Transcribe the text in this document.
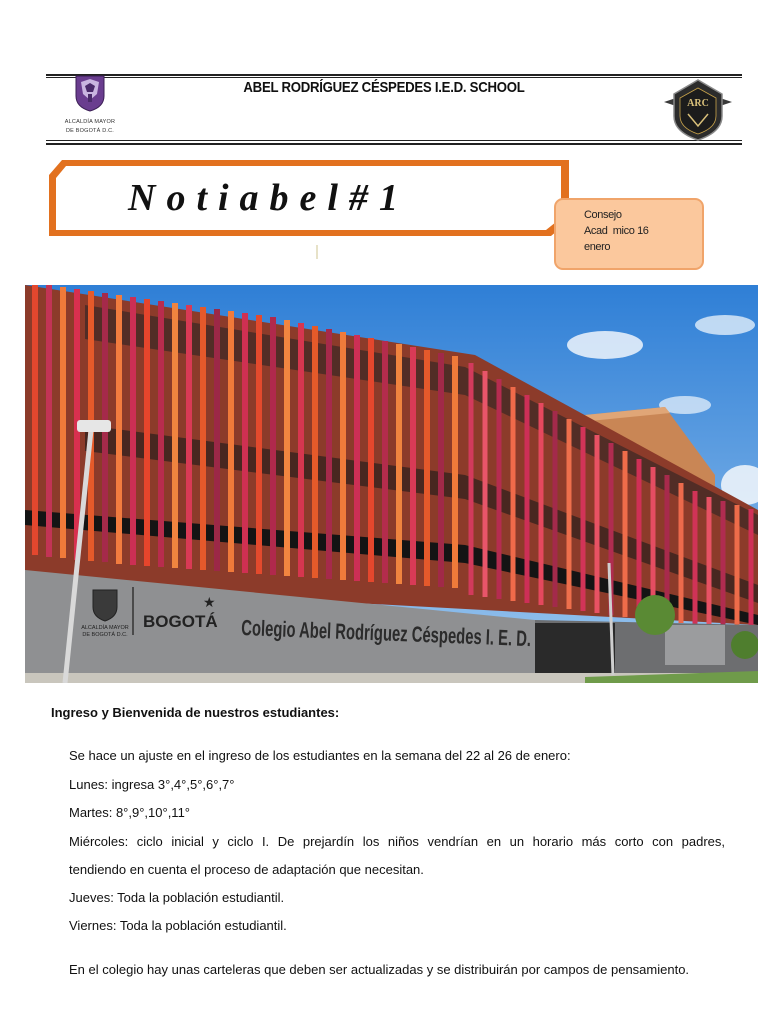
ALCALDÍA MAYOR
DE BOGOTÁ D.C.
ABEL RODRÍGUEZ CÉSPEDES I.E.D. SCHOOL
ARC
Notiabel#1	Consejo
Acad  mico 16
enero
ALCALDÍA MAYOR
DE BOGOTÁ D.C.
BOGOTÁ
★
Colegio Abel Rodríguez Céspedes I. E. D.
Ingreso y Bienvenida de nuestros estudiantes:
Se hace un ajuste en el ingreso de los estudiantes en la semana del 22 al 26 de enero:
Lunes: ingresa 3°,4°,5°,6°,7°
Martes: 8°,9°,10°,11°
Miércoles: ciclo inicial y ciclo I. De prejardín los niños vendrían en un horario más corto con padres,
tendiendo en cuenta el proceso de adaptación que necesitan.
Jueves: Toda la población estudiantil.
Viernes: Toda la población estudiantil.
En el colegio hay unas carteleras que deben ser actualizadas y se distribuirán por campos de pensamiento.
